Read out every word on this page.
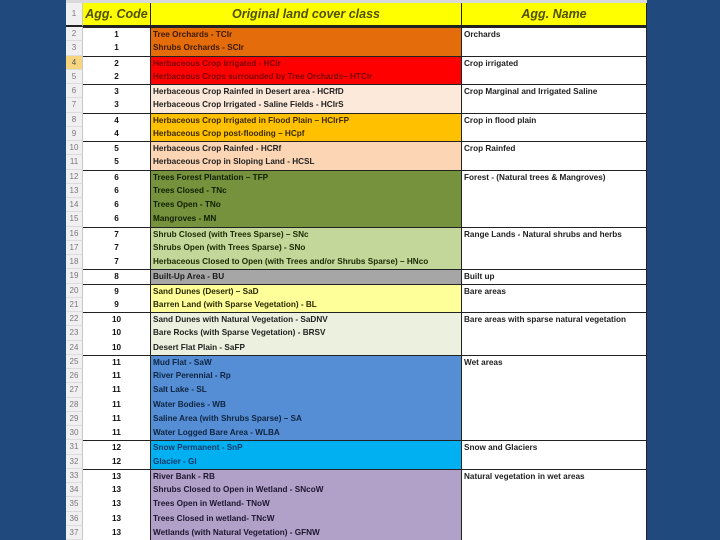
1 Agg. Code	Original land cover class	Agg. Name
2	1	Tree Orchards - TCIr
3	1	Shrubs Orchards - SCIr
Orchards
4	2	Herbaceous Crop Irrigated - HCIr
5	2	Herbaceous Crops surrounded by Tree Orchards– HTCIr
Crop irrigated
6	3	Herbaceous Crop Rainfed in Desert area - HCRfD
7	3	Herbaceous Crop Irrigated - Saline Fields - HCIrS
Crop Marginal and Irrigated Saline
8	4	Herbaceous Crop Irrigated in Flood Plain – HCIrFP
9	4	Herbaceous Crop post-flooding – HCpf
Crop in flood plain
10	5	Herbaceous Crop Rainfed - HCRf
11	5	Herbaceous Crop in Sloping Land - HCSL
Crop Rainfed
12	6	Trees Forest Plantation – TFP
13	6	Trees Closed - TNc
14	6	Trees Open - TNo
15	6	Mangroves - MN
Forest - (Natural trees & Mangroves)
16	7	Shrub Closed (with Trees Sparse) – SNc
17	7	Shrubs Open (with Trees Sparse) - SNo
18	7	Herbaceous Closed to Open (with Trees and/or Shrubs Sparse) – HNco
Range Lands - Natural shrubs and herbs
19	8	Built-Up Area - BU	Built up
20	9	Sand Dunes (Desert) – SaD
21	9	Barren Land (with Sparse Vegetation) - BL
Bare areas
22	10	Sand Dunes with Natural Vegetation - SaDNV
23	10	Bare Rocks (with Sparse Vegetation) - BRSV
24	10	Desert Flat Plain - SaFP
Bare areas with sparse natural vegetation
25	11	Mud Flat - SaW
26	11	River Perennial - Rp
27	11	Salt Lake - SL
28	11	Water Bodies - WB
29	11	Saline Area (with Shrubs Sparse) – SA
30	11	Water Logged Bare Area - WLBA
Wet areas
31	12	Snow Permanent - SnP
32	12	Glacier - Gl
Snow and Glaciers
33	13	River Bank - RB
34	13	Shrubs Closed to Open in Wetland - SNcoW
35	13	Trees Open in Wetland- TNoW
36	13	Trees Closed in wetland- TNcW
37	13	Wetlands (with Natural Vegetation) - GFNW
Natural vegetation in wet areas
